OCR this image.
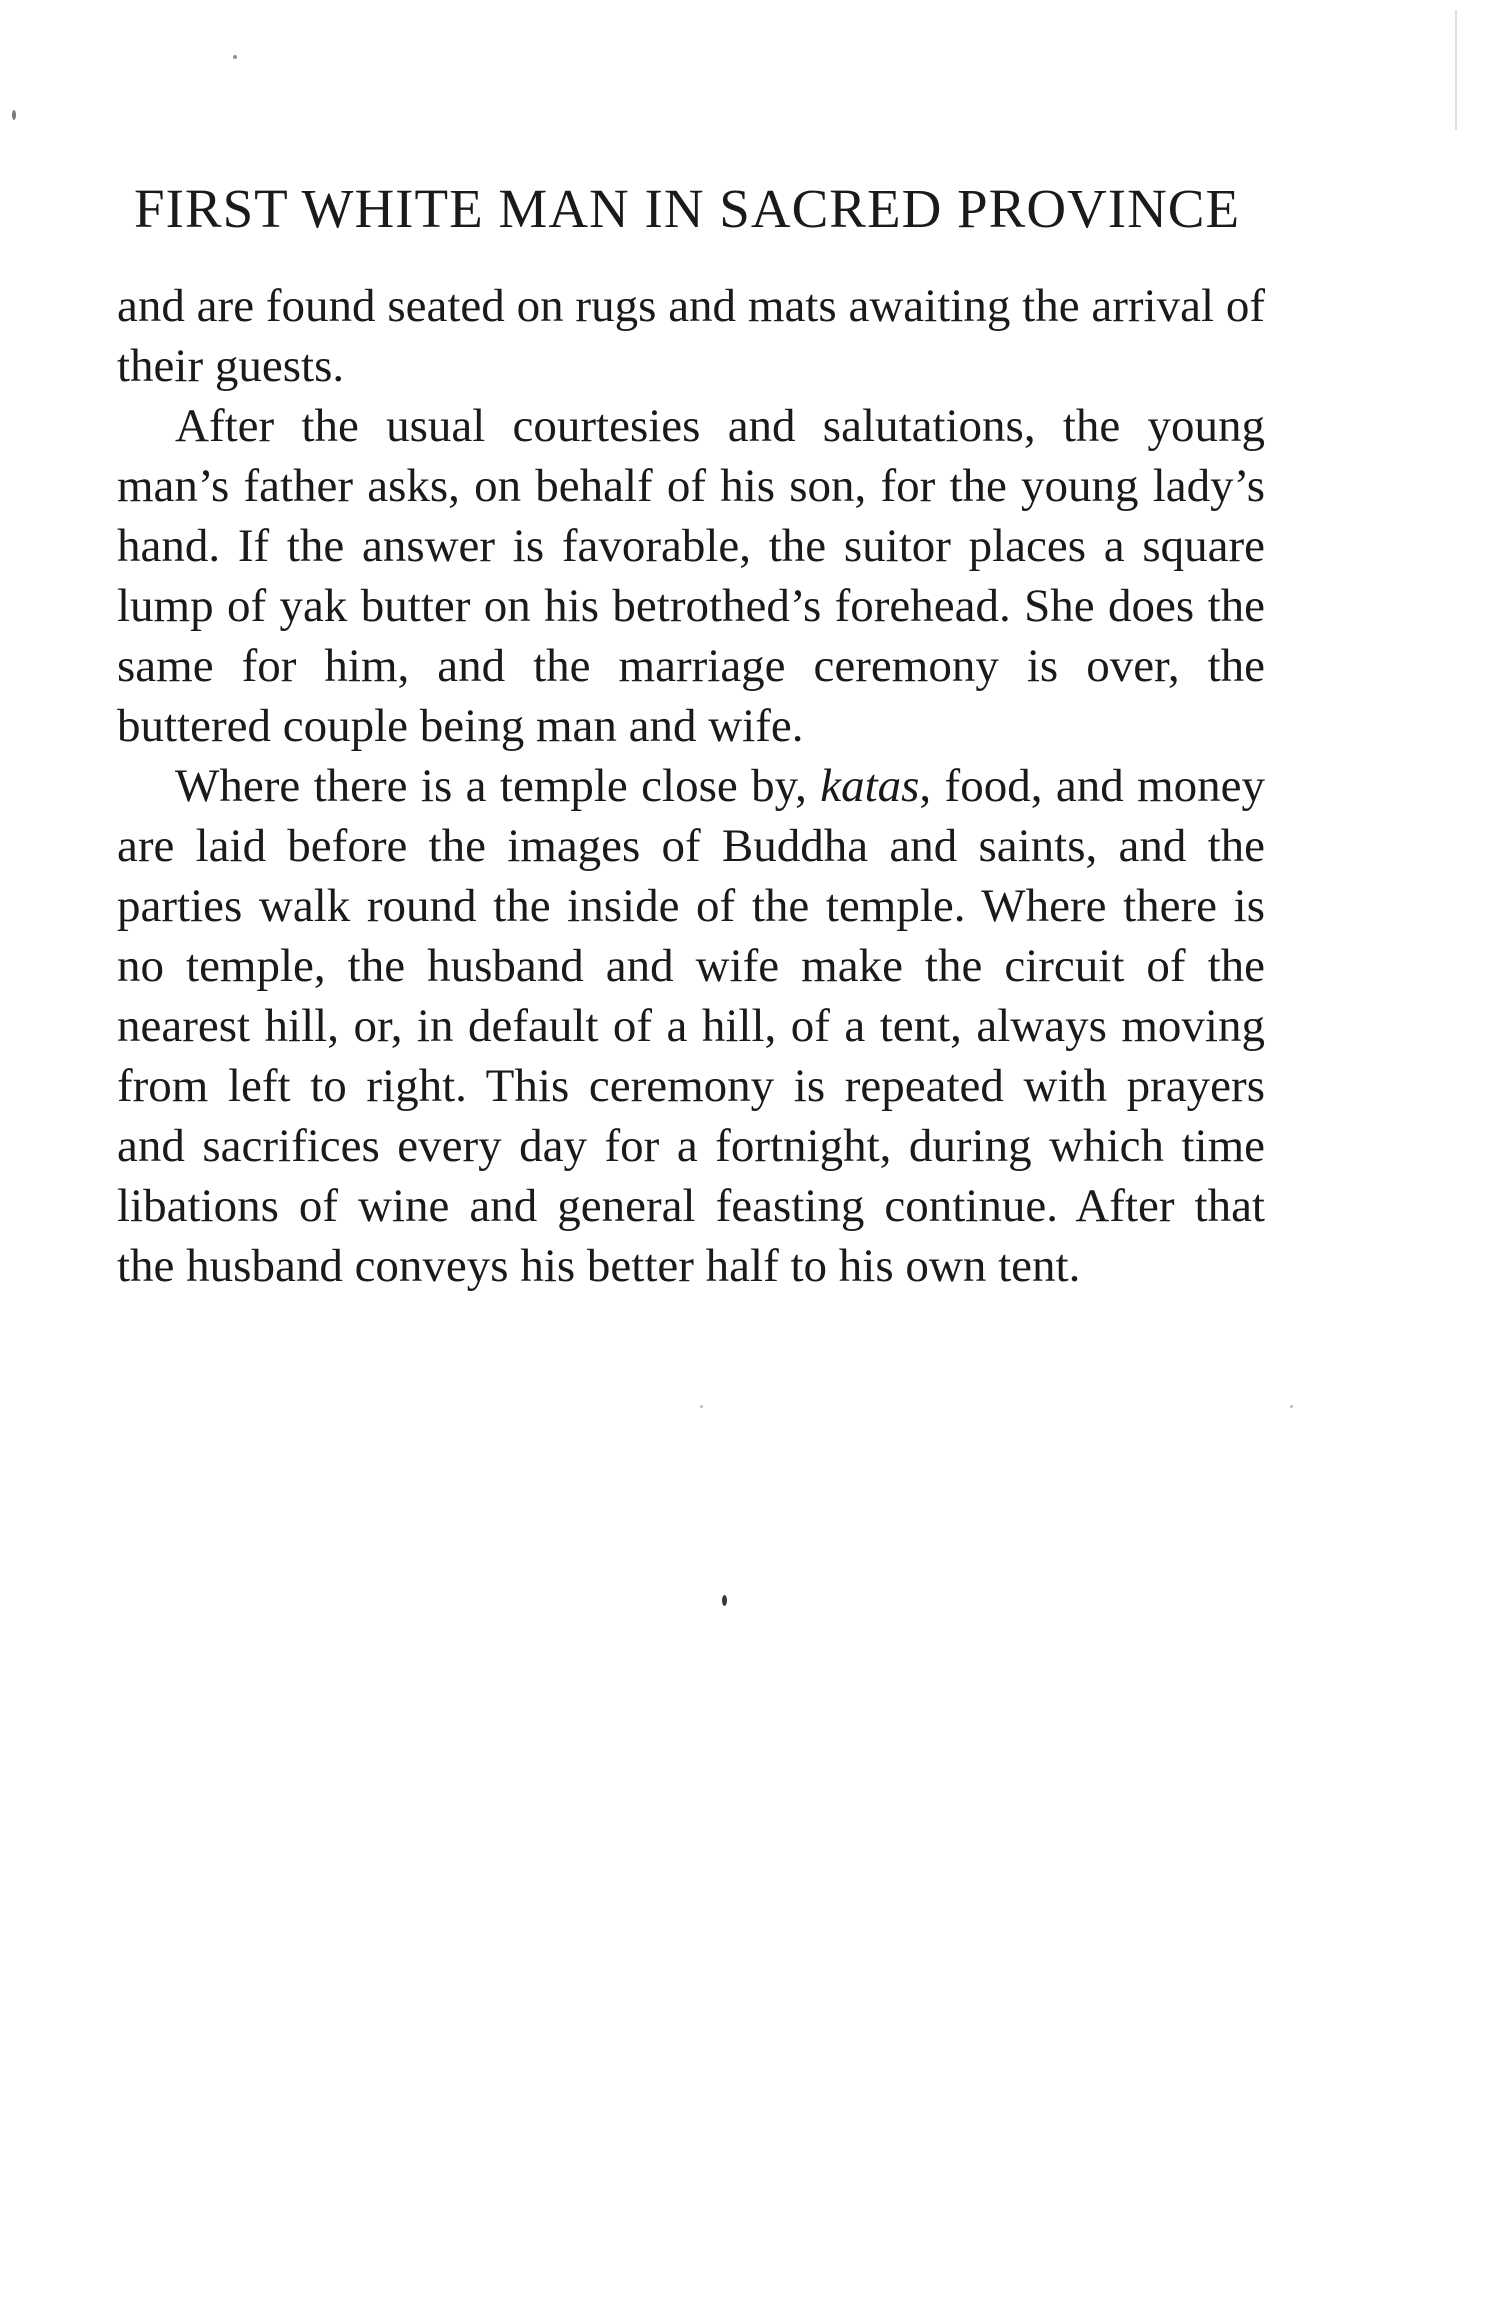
FIRST WHITE MAN IN SACRED PROVINCE

and are found seated on rugs and mats awaiting the arrival of their guests.

After the usual courtesies and salutations, the young man’s father asks, on behalf of his son, for the young lady’s hand. If the answer is favorable, the suitor places a square lump of yak butter on his betrothed’s forehead. She does the same for him, and the marriage ceremony is over, the buttered couple being man and wife.

Where there is a temple close by, katas, food, and money are laid before the images of Buddha and saints, and the parties walk round the inside of the temple. Where there is no temple, the husband and wife make the circuit of the nearest hill, or, in default of a hill, of a tent, always moving from left to right. This ceremony is repeated with prayers and sacrifices every day for a fortnight, during which time libations of wine and general feasting continue. After that the husband conveys his better half to his own tent.
